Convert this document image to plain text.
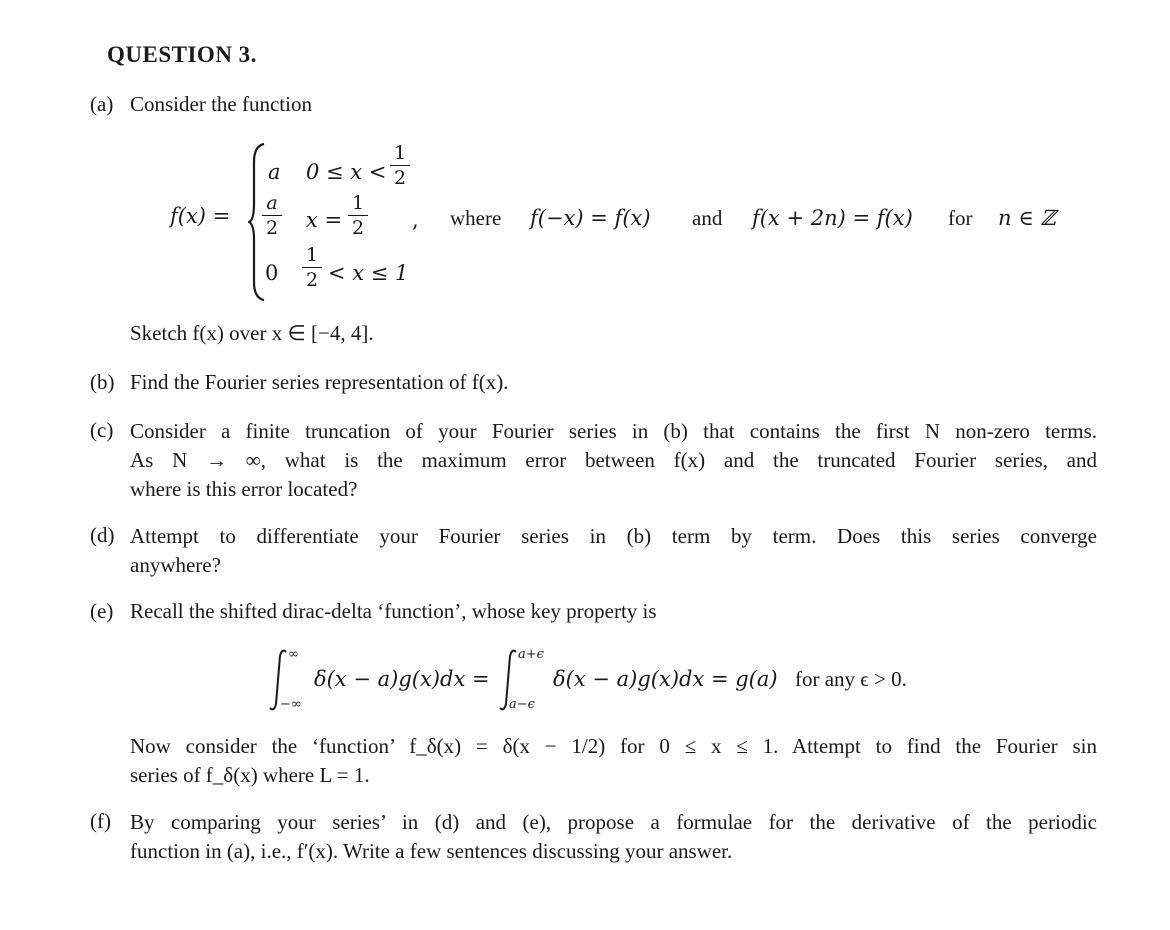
QUESTION 3.
(a) Consider the function
f(x) =
a 0 ≤ x <
1
2
a
2 x =
1
2 ,
0
1
2 < x ≤ 1
where f(−x) = f(x) and f(x + 2n) = f(x) for n ∈ ℤ
Sketch f(x) over x ∈ [−4, 4].
(b) Find the Fourier series representation of f(x).
(c) Consider a finite truncation of your Fourier series in (b) that contains the first N non-zero terms.
As N → ∞, what is the maximum error between f(x) and the truncated Fourier series, and
where is this error located?
(d) Attempt to differentiate your Fourier series in (b) term by term. Does this series converge
anywhere?
(e) Recall the shifted dirac-delta ‘function’, whose key property is
∞
−∞
δ(x − a)g(x)dx =
a+ϵ
a−ϵ
δ(x − a)g(x)dx = g(a) for any ϵ > 0.
Now consider the ‘function’ f_δ(x) = δ(x − 1/2) for 0 ≤ x ≤ 1. Attempt to find the Fourier sin
series of f_δ(x) where L = 1.
(f) By comparing your series’ in (d) and (e), propose a formulae for the derivative of the periodic
function in (a), i.e., f′(x). Write a few sentences discussing your answer.
